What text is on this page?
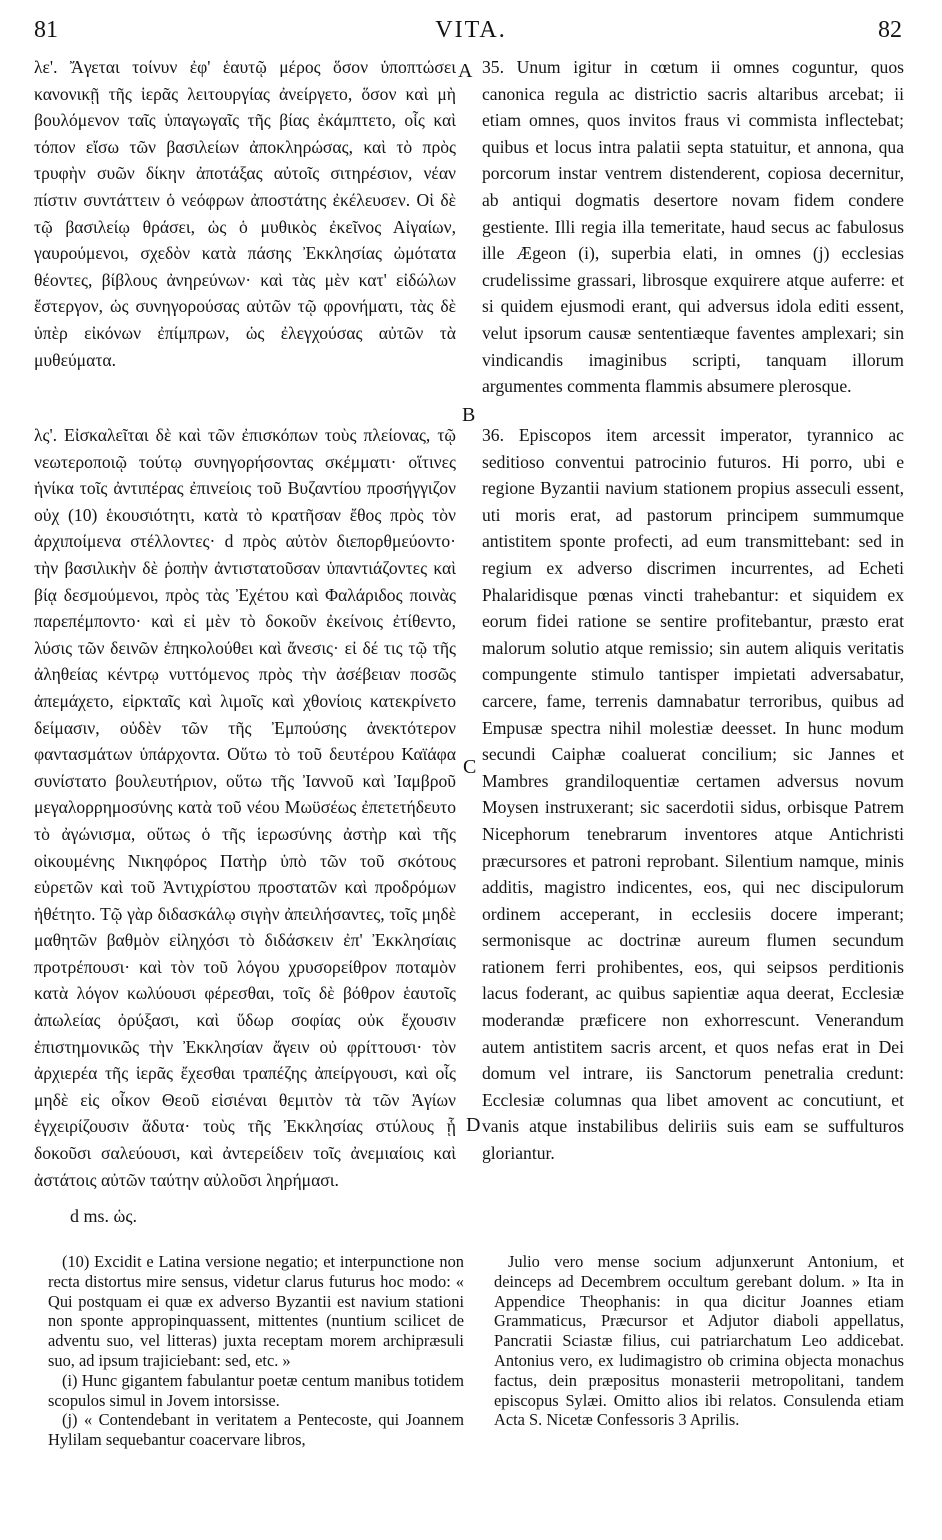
81	VITA.	82

λε'. Ἄγεται τοίνυν ἐφ' ἑαυτῷ μέρος ὅσον ὑποπτώσει κανονικῇ τῆς ἱερᾶς λειτουργίας ἀνείργετο, ὅσον καὶ μὴ βουλόμενον ταῖς ὑπαγωγαῖς τῆς βίας ἐκάμπτετο, οἷς καὶ τόπον εἴσω τῶν βασιλείων ἀποκληρώσας, καὶ τὸ πρὸς τρυφὴν συῶν δίκην ἀποτάξας αὐτοῖς σιτηρέσιον, νέαν πίστιν συντάττειν ὁ νεόφρων ἀποστάτης ἐκέλευσεν. Οἱ δὲ τῷ βασιλείῳ θράσει, ὡς ὁ μυθικὸς ἐκεῖνος Αἰγαίων, γαυρούμενοι, σχεδὸν κατὰ πάσης Ἐκκλησίας ὠμότατα θέοντες, βίβλους ἀνηρεύνων· καὶ τὰς μὲν κατ' εἰδώλων ἔστεργον, ὡς συνηγορούσας αὐτῶν τῷ φρονήματι, τὰς δὲ ὑπὲρ εἰκόνων ἐπίμπρων, ὡς ἐλεγχούσας αὐτῶν τὰ μυθεύματα.

λς'. Εἰσκαλεῖται δὲ καὶ τῶν ἐπισκόπων τοὺς πλείονας, τῷ νεωτεροποιῷ τούτῳ συνηγορήσοντας σκέμματι· οἵτινες ἡνίκα τοῖς ἀντιπέρας ἐπινείοις τοῦ Βυζαντίου προσήγγιζον οὐχ (10) ἑκουσιότητι, κατὰ τὸ κρατῆσαν ἔθος πρὸς τὸν ἀρχιποίμενα στέλλοντες· d πρὸς αὐτὸν διεπορθμεύοντο· τὴν βασιλικὴν δὲ ῥοπὴν ἀντιστατοῦσαν ὑπαντιάζοντες καὶ βίᾳ δεσμούμενοι, πρὸς τὰς Ἐχέτου καὶ Φαλάριδος ποινὰς παρεπέμποντο· καὶ εἰ μὲν τὸ δοκοῦν ἐκείνοις ἐτίθεντο, λύσις τῶν δεινῶν ἐπηκολούθει καὶ ἄνεσις· εἰ δέ τις τῷ τῆς ἀληθείας κέντρῳ νυττόμενος πρὸς τὴν ἀσέβειαν ποσῶς ἀπεμάχετο, εἱρκταῖς καὶ λιμοῖς καὶ χθονίοις κατεκρίνετο δείμασιν, οὐδὲν τῶν τῆς Ἐμπούσης ἀνεκτότερον φαντασμάτων ὑπάρχοντα. Οὕτω τὸ τοῦ δευτέρου Καϊάφα συνίστατο βουλευτήριον, οὕτω τῆς Ἰαννοῦ καὶ Ἰαμβροῦ μεγαλορρημοσύνης κατὰ τοῦ νέου Μωϋσέως ἐπετετήδευτο τὸ ἀγώνισμα, οὕτως ὁ τῆς ἱερωσύνης ἀστὴρ καὶ τῆς οἰκουμένης Νικηφόρος Πατὴρ ὑπὸ τῶν τοῦ σκότους εὑρετῶν καὶ τοῦ Ἀντιχρίστου προστατῶν καὶ προδρόμων ἠθέτητο. Τῷ γὰρ διδασκάλῳ σιγὴν ἀπειλήσαντες, τοῖς μηδὲ μαθητῶν βαθμὸν εἰληχόσι τὸ διδάσκειν ἐπ' Ἐκκλησίαις προτρέπουσι· καὶ τὸν τοῦ λόγου χρυσορείθρον ποταμὸν κατὰ λόγον κωλύουσι φέρεσθαι, τοῖς δὲ βόθρον ἑαυτοῖς ἀπωλείας ὀρύξασι, καὶ ὕδωρ σοφίας οὐκ ἔχουσιν ἐπιστημονικῶς τὴν Ἐκκλησίαν ἄγειν οὐ φρίττουσι· τὸν ἀρχιερέα τῆς ἱερᾶς ἔχεσθαι τραπέζης ἀπείργουσι, καὶ οἷς μηδὲ εἰς οἶκον Θεοῦ εἰσιέναι θεμιτὸν τὰ τῶν Ἁγίων ἐγχειρίζουσιν ἄδυτα· τοὺς τῆς Ἐκκλησίας στύλους ᾗ δοκοῦσι σαλεύουσι, καὶ ἀντερείδειν τοῖς ἀνεμιαίοις καὶ ἀστάτοις αὐτῶν ταύτην αὐλοῦσι ληρήμασι.

35. Unum igitur in cœtum ii omnes coguntur, quos canonica regula ac districtio sacris altaribus arcebat; ii etiam omnes, quos invitos fraus vi commista inflectebat; quibus et locus intra palatii septa statuitur, et annona, qua porcorum instar ventrem distenderent, copiosa decernitur, ab antiqui dogmatis desertore novam fidem condere gestiente. Illi regia illa temeritate, haud secus ac fabulosus ille Ægeon (i), superbia elati, in omnes (j) ecclesias crudelissime grassari, librosque exquirere atque auferre: et si quidem ejusmodi erant, qui adversus idola editi essent, velut ipsorum causæ sententiæque faventes amplexari; sin vindicandis imaginibus scripti, tanquam illorum argumentes commenta flammis absumere plerosque.

36. Episcopos item arcessit imperator, tyrannico ac seditioso conventui patrocinio futuros. Hi porro, ubi e regione Byzantii navium stationem propius asseculi essent, uti moris erat, ad pastorum principem summumque antistitem sponte profecti, ad eum transmittebant: sed in regium ex adverso discrimen incurrentes, ad Echeti Phalaridisque pœnas vincti trahebantur: et siquidem ex eorum fidei ratione se sentire profitebantur, præsto erat malorum solutio atque remissio; sin autem aliquis veritatis compungente stimulo tantisper impietati adversabatur, carcere, fame, terrenis damnabatur terroribus, quibus ad Empusæ spectra nihil molestiæ deesset. In hunc modum secundi Caiphæ coaluerat concilium; sic Jannes et Mambres grandiloquentiæ certamen adversus novum Moysen instruxerant; sic sacerdotii sidus, orbisque Patrem Nicephorum tenebrarum inventores atque Antichristi præcursores et patroni reprobant. Silentium namque, minis additis, magistro indicentes, eos, qui nec discipulorum ordinem acceperant, in ecclesiis docere imperant; sermonisque ac doctrinæ aureum flumen secundum rationem ferri prohibentes, eos, qui seipsos perditionis lacus foderant, ac quibus sapientiæ aqua deerat, Ecclesiæ moderandæ præficere non exhorrescunt. Venerandum autem antistitem sacris arcent, et quos nefas erat in Dei domum vel intrare, iis Sanctorum penetralia credunt: Ecclesiæ columnas qua libet amovent ac concutiunt, et vanis atque instabilibus deliriis suis eam se suffulturos gloriantur.

A
B
C
D
d ms. ὡς.

(10) Excidit e Latina versione negatio; et interpunctione non recta distortus mire sensus, videtur clarus futurus hoc modo: « Qui postquam ei quæ ex adverso Byzantii est navium stationi non sponte appropinquassent, mittentes (nuntium scilicet de adventu suo, vel litteras) juxta receptam morem archipræsuli suo, ad ipsum trajiciebant: sed, etc. »

(i) Hunc gigantem fabulantur poetæ centum manibus totidem scopulos simul in Jovem intorsisse.

(j) « Contendebant in veritatem a Pentecoste, qui Joannem Hylilam sequebantur coacervare libros,

Julio vero mense socium adjunxerunt Antonium, et deinceps ad Decembrem occultum gerebant dolum. » Ita in Appendice Theophanis: in qua dicitur Joannes etiam Grammaticus, Præcursor et Adjutor diaboli appellatus, Pancratii Sciastæ filius, cui patriarchatum Leo addicebat. Antonius vero, ex ludimagistro ob crimina objecta monachus factus, dein præpositus monasterii metropolitani, tandem episcopus Sylæi. Omitto alios ibi relatos. Consulenda etiam Acta S. Nicetæ Confessoris 3 Aprilis.
